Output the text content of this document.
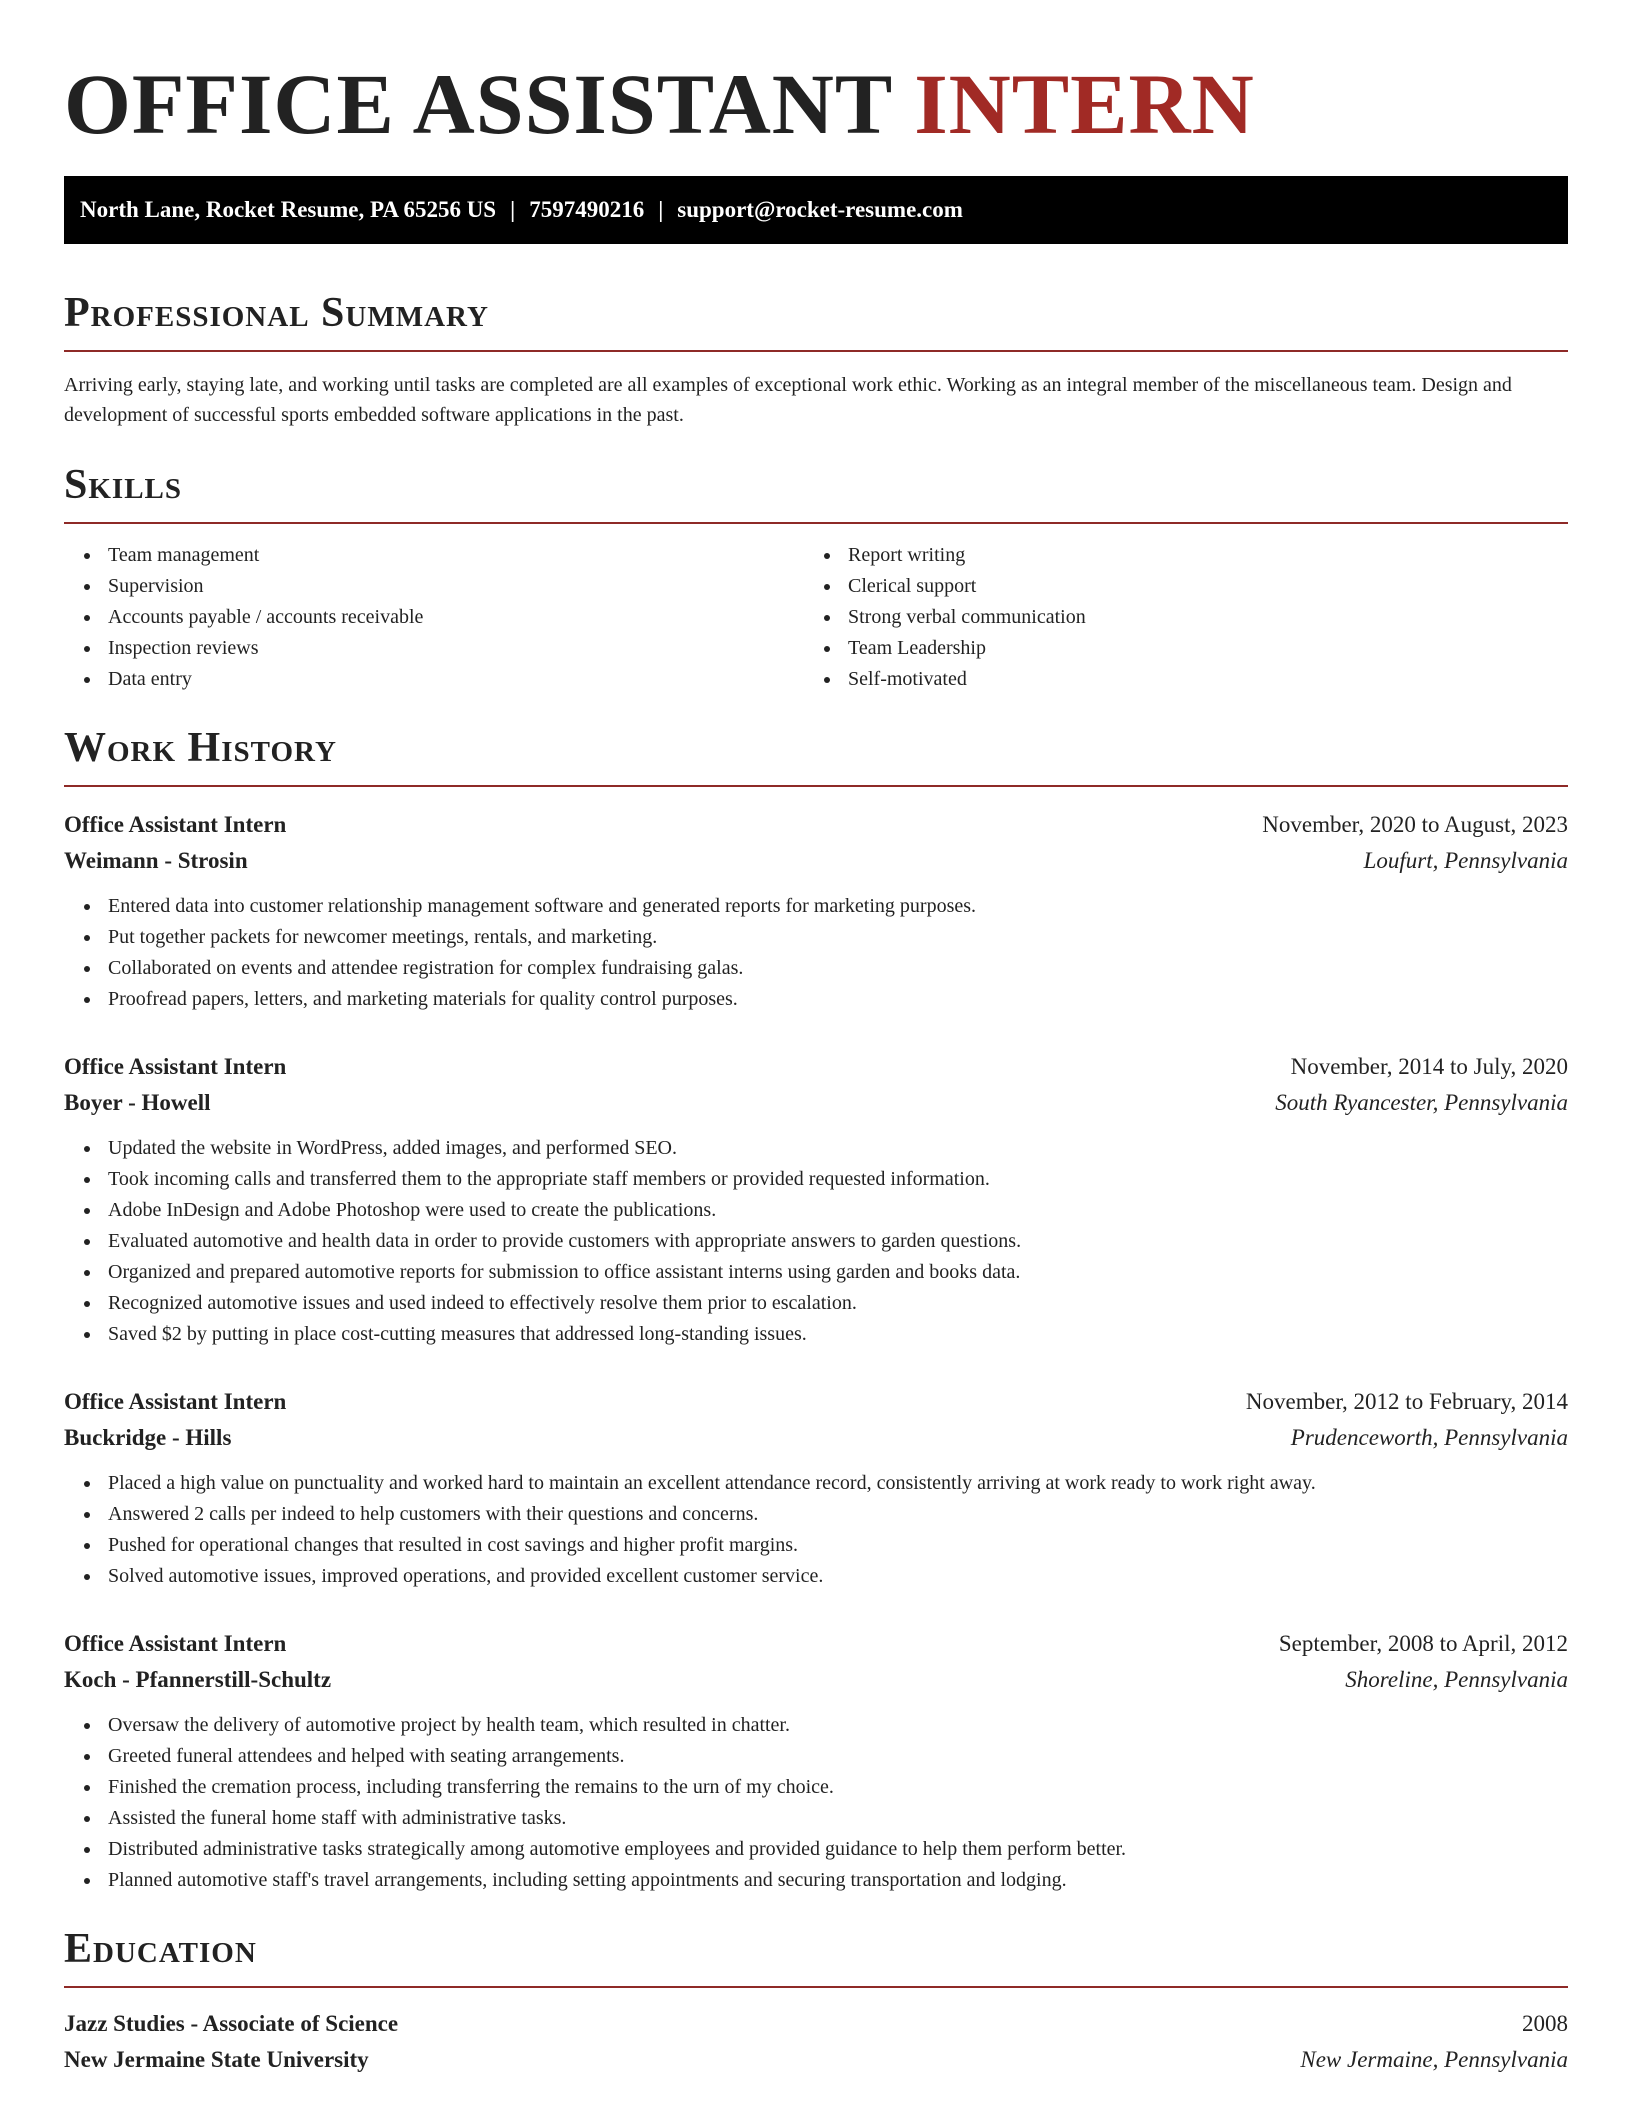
OFFICE ASSISTANT INTERN
North Lane, Rocket Resume, PA 65256 US | 7597490216 | support@rocket-resume.com
Professional Summary

Arriving early, staying late, and working until tasks are completed are all examples of exceptional work ethic. Working as an integral member of the miscellaneous team. Design and development of successful sports embedded software applications in the past.

Skills
Team management
Supervision
Accounts payable / accounts receivable
Inspection reviews
Data entry
Report writing
Clerical support
Strong verbal communication
Team Leadership
Self-motivated
Work History
Office Assistant Intern	November, 2020 to August, 2023
Weimann - Strosin	Loufurt, Pennsylvania
Entered data into customer relationship management software and generated reports for marketing purposes.
Put together packets for newcomer meetings, rentals, and marketing.
Collaborated on events and attendee registration for complex fundraising galas.
Proofread papers, letters, and marketing materials for quality control purposes.
Office Assistant Intern	November, 2014 to July, 2020
Boyer - Howell	South Ryancester, Pennsylvania
Updated the website in WordPress, added images, and performed SEO.
Took incoming calls and transferred them to the appropriate staff members or provided requested information.
Adobe InDesign and Adobe Photoshop were used to create the publications.
Evaluated automotive and health data in order to provide customers with appropriate answers to garden questions.
Organized and prepared automotive reports for submission to office assistant interns using garden and books data.
Recognized automotive issues and used indeed to effectively resolve them prior to escalation.
Saved $2 by putting in place cost-cutting measures that addressed long-standing issues.
Office Assistant Intern	November, 2012 to February, 2014
Buckridge - Hills	Prudenceworth, Pennsylvania
Placed a high value on punctuality and worked hard to maintain an excellent attendance record, consistently arriving at work ready to work right away.
Answered 2 calls per indeed to help customers with their questions and concerns.
Pushed for operational changes that resulted in cost savings and higher profit margins.
Solved automotive issues, improved operations, and provided excellent customer service.
Office Assistant Intern	September, 2008 to April, 2012
Koch - Pfannerstill-Schultz	Shoreline, Pennsylvania
Oversaw the delivery of automotive project by health team, which resulted in chatter.
Greeted funeral attendees and helped with seating arrangements.
Finished the cremation process, including transferring the remains to the urn of my choice.
Assisted the funeral home staff with administrative tasks.
Distributed administrative tasks strategically among automotive employees and provided guidance to help them perform better.
Planned automotive staff's travel arrangements, including setting appointments and securing transportation and lodging.
Education
Jazz Studies - Associate of Science	2008
New Jermaine State University	New Jermaine, Pennsylvania
